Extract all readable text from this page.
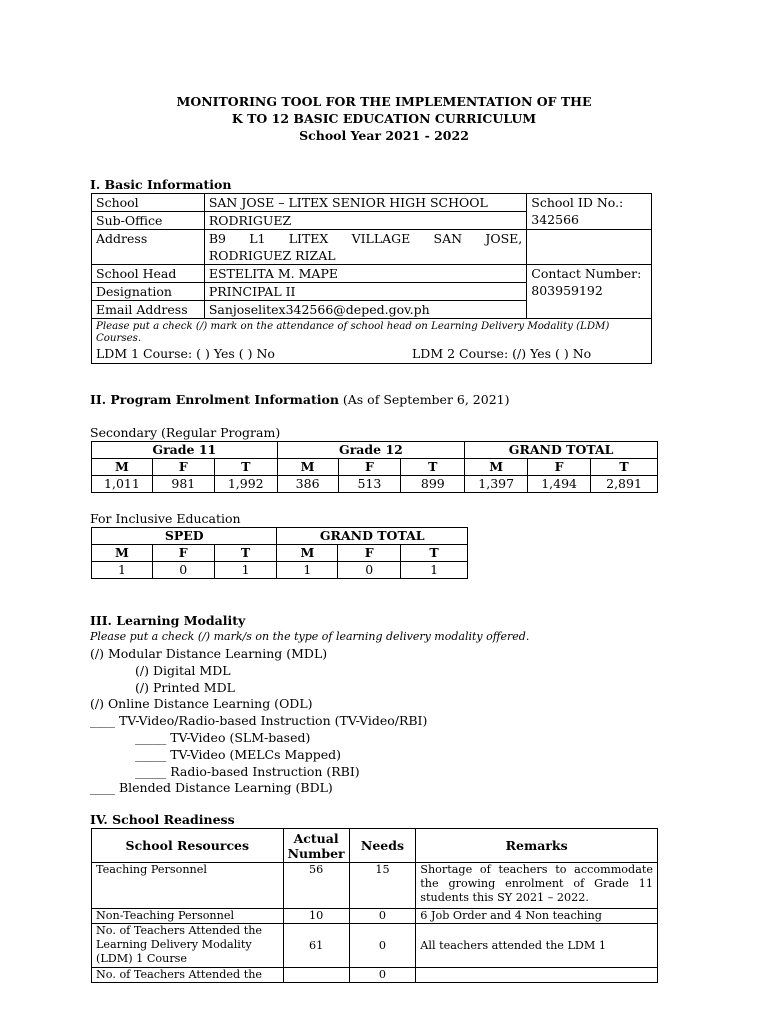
MONITORING TOOL FOR THE IMPLEMENTATION OF THE
K TO 12 BASIC EDUCATION CURRICULUM
School Year 2021 - 2022
I. Basic Information
School	SAN JOSE – LITEX SENIOR HIGH SCHOOL	School ID No.:
342566

Sub-Office	RODRIGUEZ	
Address	B9 L1 LITEX VILLAGE SAN JOSE,
RODRIGUEZ RIZAL	

School Head	ESTELITA M. MAPE	Contact Number:
803959192

Designation	PRINCIPAL II	
Email Address	Sanjoselitex342566@deped.gov.ph	

Please put a check (/) mark on the attendance of school head on Learning Delivery Modality (LDM) Courses.
LDM 1 Course: ( ) Yes ( ) No LDM 2 Course: (/) Yes ( ) No		
II. Program Enrolment Information (As of September 6, 2021)
Secondary (Regular Program)
Grade 11			Grade 12			GRAND TOTAL		
M	F	T	M	F	T	M	F	T
1,011	981	1,992	386	513	899	1,397	1,494	2,891
For Inclusive Education
SPED			GRAND TOTAL		
M	F	T	M	F	T
1	0	1	1	0	1
III. Learning Modality
Please put a check (/) mark/s on the type of learning delivery modality offered.
(/) Modular Distance Learning (MDL)
(/) Digital MDL
(/) Printed MDL
(/) Online Distance Learning (ODL)
____ TV-Video/Radio-based Instruction (TV-Video/RBI)
_____ TV-Video (SLM-based)
_____ TV-Video (MELCs Mapped)
_____ Radio-based Instruction (RBI)
____ Blended Distance Learning (BDL)
IV. School Readiness
School Resources	Actual Number	Needs	Remarks
Teaching Personnel	56	15	Shortage of teachers to accommodate the growing enrolment of Grade 11 students this SY 2021 – 2022.
Non-Teaching Personnel	10	0	6 Job Order and 4 Non teaching
No. of Teachers Attended the Learning Delivery Modality (LDM) 1 Course	61	0	All teachers attended the LDM 1
No. of Teachers Attended the		0	
